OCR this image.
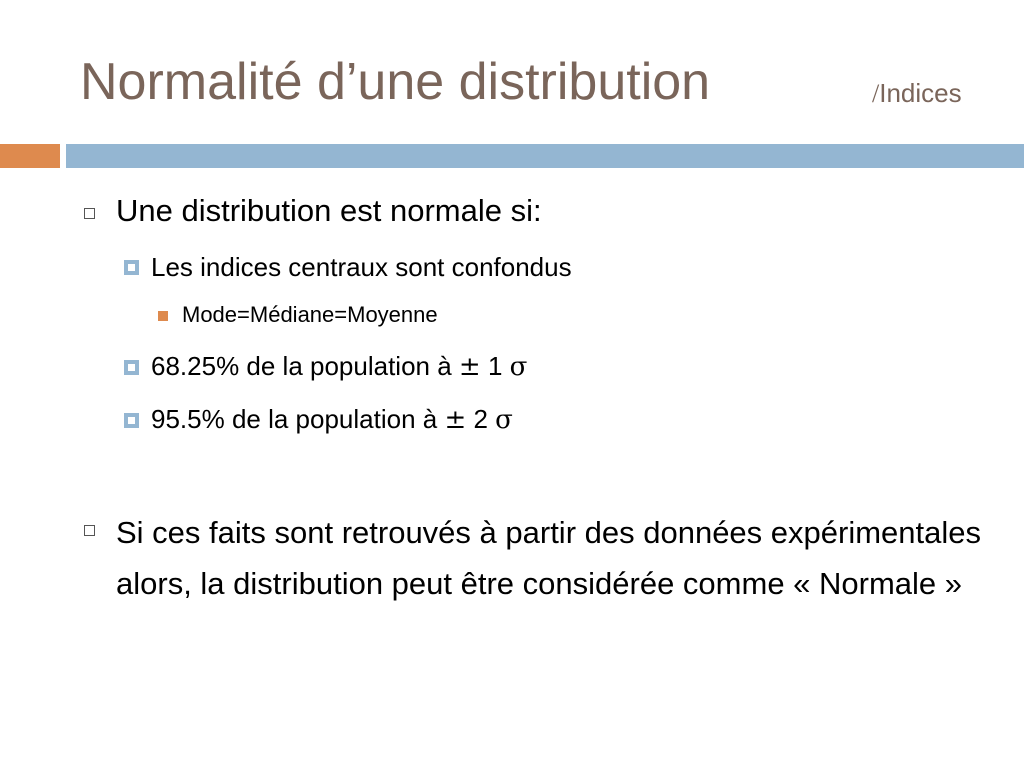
Normalité d’une distribution	/Indices
Une distribution est normale si:
Les indices centraux sont confondus
Mode=Médiane=Moyenne
68.25% de la population à ± 1 σ
95.5% de la population à ± 2 σ
Si ces faits sont retrouvés à partir des données expérimentales alors, la distribution peut être considérée comme « Normale »
